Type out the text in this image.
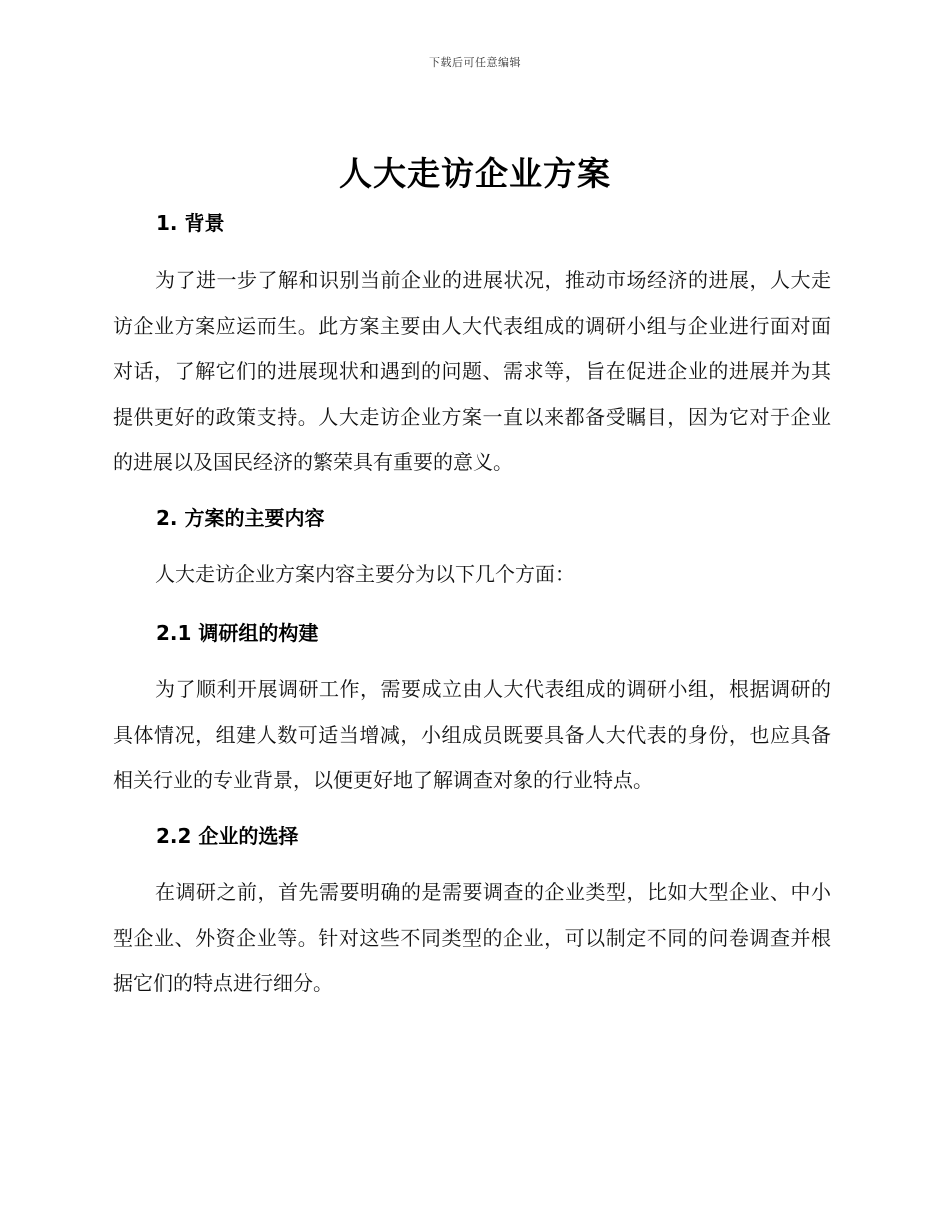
下载后可任意编辑
人大走访企业方案
1. 背景

为了进一步了解和识别当前企业的进展状况，推动市场经济的进展，人大走访企业方案应运而生。此方案主要由人大代表组成的调研小组与企业进行面对面对话，了解它们的进展现状和遇到的问题、需求等，旨在促进企业的进展并为其提供更好的政策支持。人大走访企业方案一直以来都备受瞩目，因为它对于企业的进展以及国民经济的繁荣具有重要的意义。

2. 方案的主要内容

人大走访企业方案内容主要分为以下几个方面：

2.1 调研组的构建

为了顺利开展调研工作，需要成立由人大代表组成的调研小组，根据调研的具体情况，组建人数可适当增减，小组成员既要具备人大代表的身份，也应具备相关行业的专业背景，以便更好地了解调查对象的行业特点。

2.2 企业的选择

在调研之前，首先需要明确的是需要调查的企业类型，比如大型企业、中小型企业、外资企业等。针对这些不同类型的企业，可以制定不同的问卷调查并根据它们的特点进行细分。
